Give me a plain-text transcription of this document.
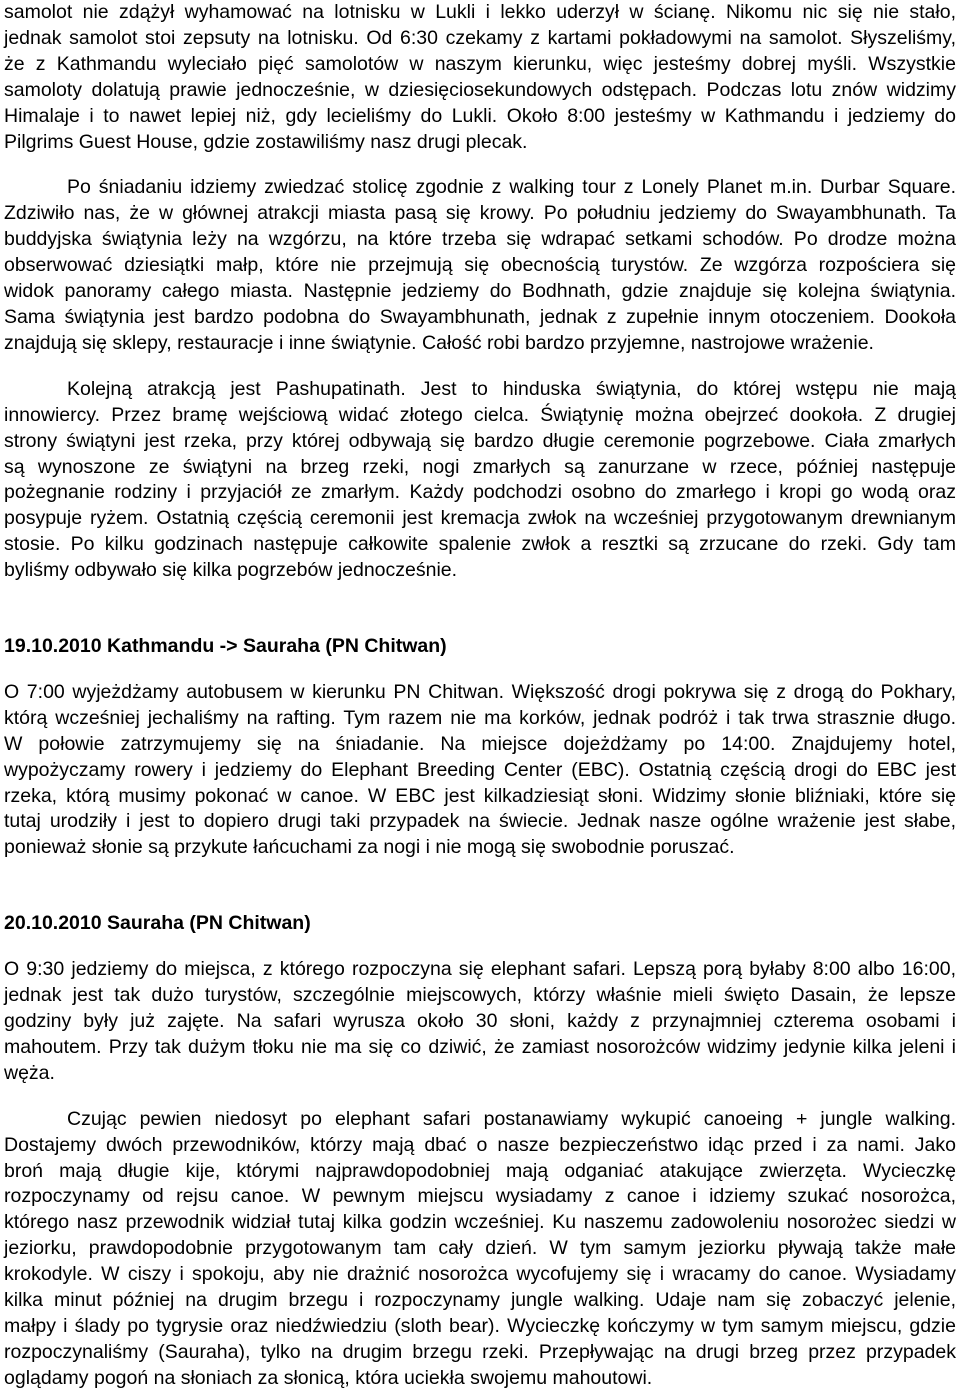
samolot nie zdążył wyhamować na lotnisku w Lukli i lekko uderzył w ścianę. Nikomu nic się nie stało,
jednak samolot stoi zepsuty na lotnisku. Od 6:30 czekamy z kartami pokładowymi na samolot. Słyszeliśmy,
że z Kathmandu wyleciało pięć samolotów w naszym kierunku, więc jesteśmy dobrej myśli. Wszystkie
samoloty dolatują prawie jednocześnie, w dziesięciosekundowych odstępach. Podczas lotu znów widzimy
Himalaje i to nawet lepiej niż, gdy lecieliśmy do Lukli. Około 8:00 jesteśmy w Kathmandu i jedziemy do
Pilgrims Guest House, gdzie zostawiliśmy nasz drugi plecak.
Po śniadaniu idziemy zwiedzać stolicę zgodnie z walking tour z Lonely Planet m.in. Durbar Square.
Zdziwiło nas, że w głównej atrakcji miasta pasą się krowy. Po południu jedziemy do Swayambhunath. Ta
buddyjska świątynia leży na wzgórzu, na które trzeba się wdrapać setkami schodów. Po drodze można
obserwować dziesiątki małp, które nie przejmują się obecnością turystów. Ze wzgórza rozpościera się
widok panoramy całego miasta. Następnie jedziemy do Bodhnath, gdzie znajduje się kolejna świątynia.
Sama świątynia jest bardzo podobna do Swayambhunath, jednak z zupełnie innym otoczeniem. Dookoła
znajdują się sklepy, restauracje i inne świątynie. Całość robi bardzo przyjemne, nastrojowe wrażenie.
Kolejną atrakcją jest Pashupatinath. Jest to hinduska świątynia, do której wstępu nie mają
innowiercy. Przez bramę wejściową widać złotego cielca. Świątynię można obejrzeć dookoła. Z drugiej
strony świątyni jest rzeka, przy której odbywają się bardzo długie ceremonie pogrzebowe. Ciała zmarłych
są wynoszone ze świątyni na brzeg rzeki, nogi zmarłych są zanurzane w rzece, później następuje
pożegnanie rodziny i przyjaciół ze zmarłym. Każdy podchodzi osobno do zmarłego i kropi go wodą oraz
posypuje ryżem. Ostatnią częścią ceremonii jest kremacja zwłok na wcześniej przygotowanym drewnianym
stosie. Po kilku godzinach następuje całkowite spalenie zwłok a resztki są zrzucane do rzeki. Gdy tam
byliśmy odbywało się kilka pogrzebów jednocześnie.
19.10.2010 Kathmandu -> Sauraha (PN Chitwan)
O 7:00 wyjeżdżamy autobusem w kierunku PN Chitwan. Większość drogi pokrywa się z drogą do Pokhary,
którą wcześniej jechaliśmy na rafting. Tym razem nie ma korków, jednak podróż i tak trwa strasznie długo.
W połowie zatrzymujemy się na śniadanie. Na miejsce dojeżdżamy po 14:00. Znajdujemy hotel,
wypożyczamy rowery i jedziemy do Elephant Breeding Center (EBC). Ostatnią częścią drogi do EBC jest
rzeka, którą musimy pokonać w canoe. W EBC jest kilkadziesiąt słoni. Widzimy słonie bliźniaki, które się
tutaj urodziły i jest to dopiero drugi taki przypadek na świecie. Jednak nasze ogólne wrażenie jest słabe,
ponieważ słonie są przykute łańcuchami za nogi i nie mogą się swobodnie poruszać.
20.10.2010 Sauraha (PN Chitwan)
O 9:30 jedziemy do miejsca, z którego rozpoczyna się elephant safari. Lepszą porą byłaby 8:00 albo 16:00,
jednak jest tak dużo turystów, szczególnie miejscowych, którzy właśnie mieli święto Dasain, że lepsze
godziny były już zajęte. Na safari wyrusza około 30 słoni, każdy z przynajmniej czterema osobami i
mahoutem. Przy tak dużym tłoku nie ma się co dziwić, że zamiast nosorożców widzimy jedynie kilka jeleni i
węża.
Czując pewien niedosyt po elephant safari postanawiamy wykupić canoeing + jungle walking.
Dostajemy dwóch przewodników, którzy mają dbać o nasze bezpieczeństwo idąc przed i za nami. Jako
broń mają długie kije, którymi najprawdopodobniej mają odganiać atakujące zwierzęta. Wycieczkę
rozpoczynamy od rejsu canoe. W pewnym miejscu wysiadamy z canoe i idziemy szukać nosorożca,
którego nasz przewodnik widział tutaj kilka godzin wcześniej. Ku naszemu zadowoleniu nosorożec siedzi w
jeziorku, prawdopodobnie przygotowanym tam cały dzień. W tym samym jeziorku pływają także małe
krokodyle. W ciszy i spokoju, aby nie drażnić nosorożca wycofujemy się i wracamy do canoe. Wysiadamy
kilka minut później na drugim brzegu i rozpoczynamy jungle walking. Udaje nam się zobaczyć jelenie,
małpy i ślady po tygrysie oraz niedźwiedziu (sloth bear). Wycieczkę kończymy w tym samym miejscu, gdzie
rozpoczynaliśmy (Sauraha), tylko na drugim brzegu rzeki. Przepływając na drugi brzeg przez przypadek
oglądamy pogoń na słoniach za słonicą, która uciekła swojemu mahoutowi.
